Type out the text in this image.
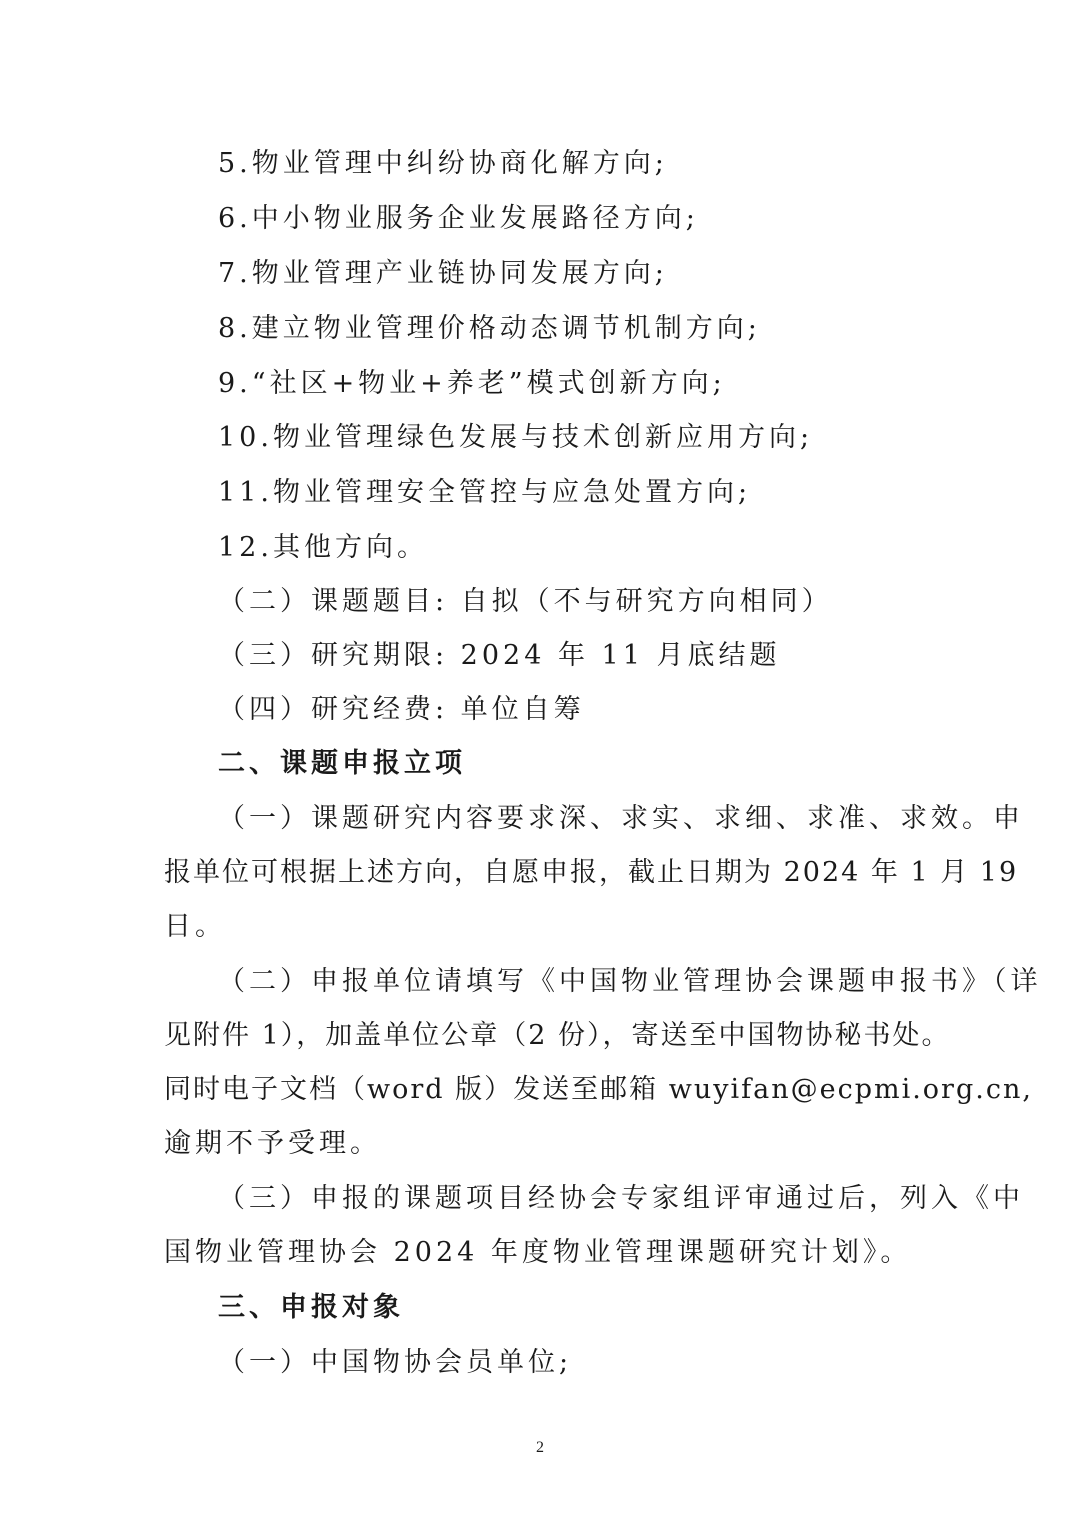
5.物业管理中纠纷协商化解方向;
6.中小物业服务企业发展路径方向;
7.物业管理产业链协同发展方向;
8.建立物业管理价格动态调节机制方向;
9.“社区+物业+养老”模式创新方向;
10.物业管理绿色发展与技术创新应用方向;
11.物业管理安全管控与应急处置方向;
12.其他方向。
（二）课题题目: 自拟（不与研究方向相同）
（三）研究期限: 2024 年 11 月底结题
（四）研究经费: 单位自筹
二、课题申报立项
（一）课题研究内容要求深、求实、求细、求准、求效。申
报单位可根据上述方向，自愿申报，截止日期为 2024 年 1 月 19
日。
（二）申报单位请填写《中国物业管理协会课题申报书》（详
见附件 1），加盖单位公章（2 份），寄送至中国物协秘书处。
同时电子文档（word 版）发送至邮箱 wuyifan@ecpmi.org.cn,
逾期不予受理。
（三）申报的课题项目经协会专家组评审通过后，列入《中
国物业管理协会 2024 年度物业管理课题研究计划》。
三、申报对象
（一）中国物协会员单位;
2
